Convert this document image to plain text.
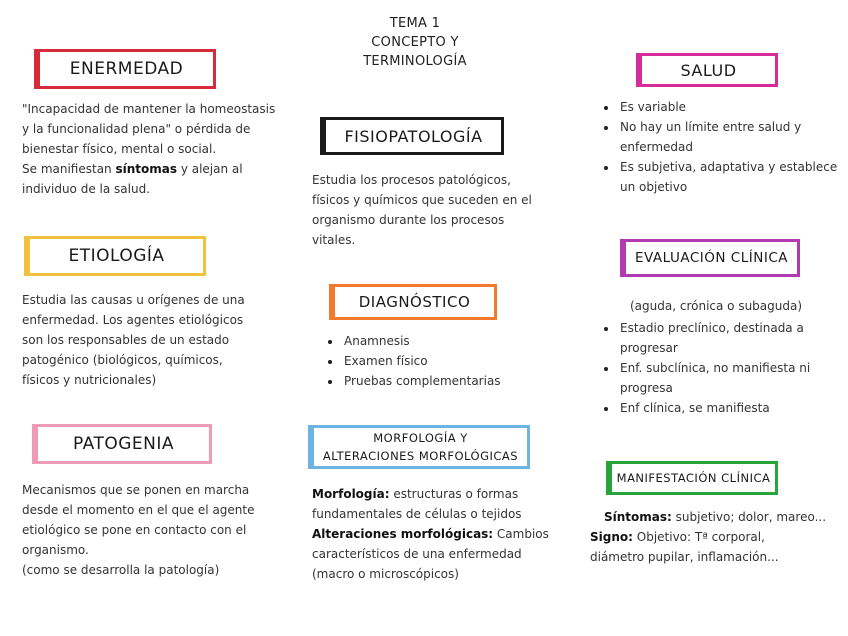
TEMA 1
CONCEPTO Y
TERMINOLOGÍA
ENERMEDAD
"Incapacidad de mantener la homeostasis
y la funcionalidad plena" o pérdida de
bienestar físico, mental o social.
Se manifiestan síntomas y alejan al
individuo de la salud.
ETIOLOGÍA
Estudia las causas u orígenes de una
enfermedad. Los agentes etiológicos
son los responsables de un estado
patogénico (biológicos, químicos,
físicos y nutricionales)
PATOGENIA
Mecanismos que se ponen en marcha
desde el momento en el que el agente
etiológico se pone en contacto con el
organismo.
(como se desarrolla la patología)
FISIOPATOLOGÍA
Estudia los procesos patológicos,
físicos y químicos que suceden en el
organismo durante los procesos
vitales.
DIAGNÓSTICO
• Anamnesis
• Examen físico
• Pruebas complementarias
MORFOLOGÍA Y
ALTERACIONES MORFOLÓGICAS
Morfología: estructuras o formas
fundamentales de células o tejidos
Alteraciones morfológicas: Cambios
característicos de una enfermedad
(macro o microscópicos)
SALUD
• Es variable
• No hay un límite entre salud y enfermedad
• Es subjetiva, adaptativa y establece un objetivo
EVALUACIÓN CLÍNICA
(aguda, crónica o subaguda)
• Estadio preclínico, destinada a progresar
• Enf. subclínica, no manifiesta ni progresa
• Enf clínica, se manifiesta
MANIFESTACIÓN CLÍNICA
Síntomas: subjetivo; dolor, mareo...
Signo: Objetivo: Tª corporal,
diámetro pupilar, inflamación...
